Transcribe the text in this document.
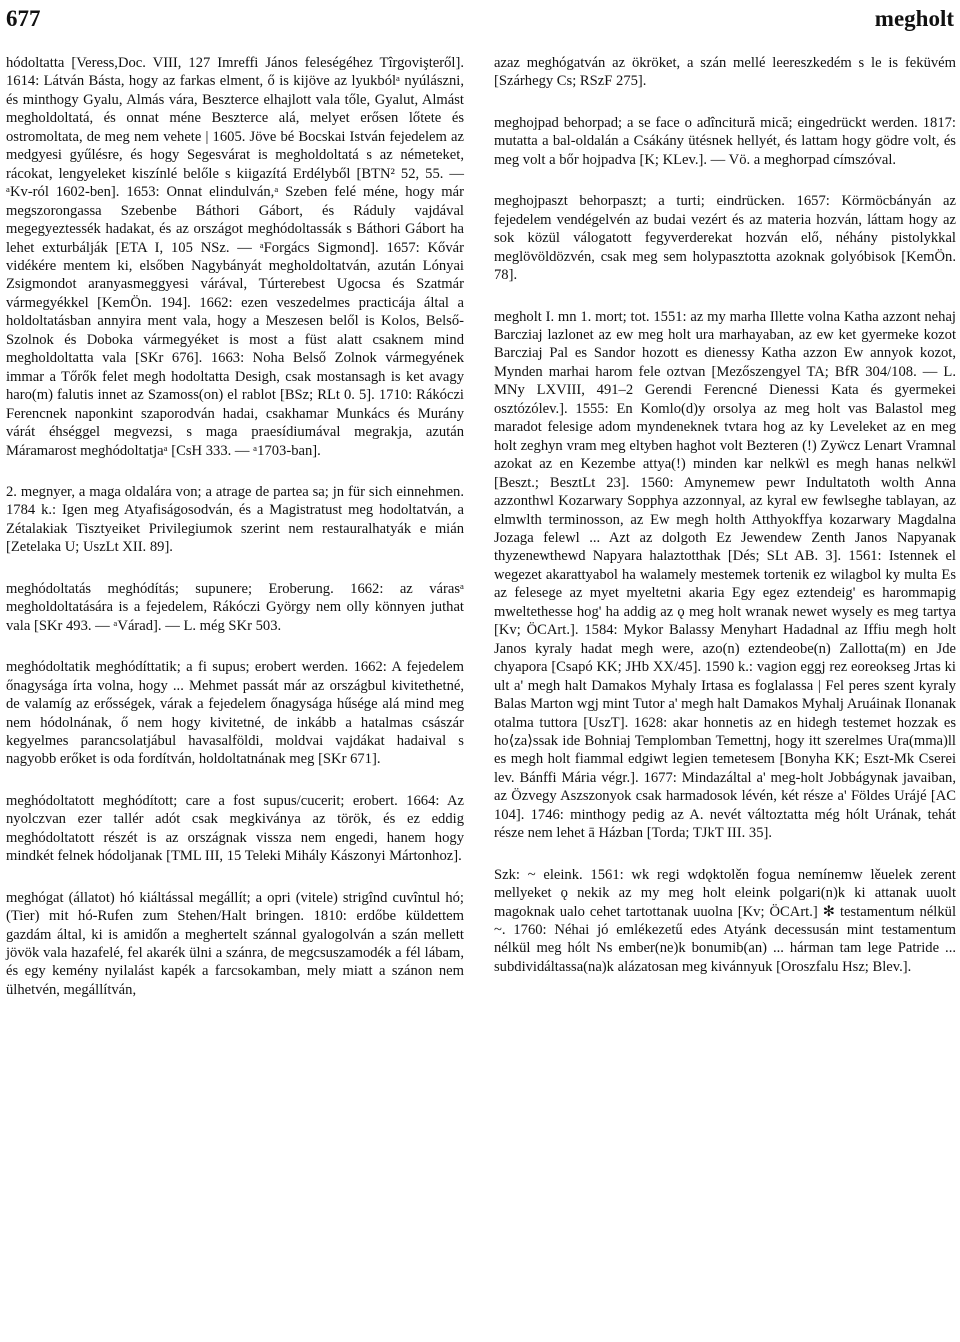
677	megholt

hódoltatta [Veress,Doc. VIII, 127 Imreffi János feleségéhez Tîrgovişteről]. 1614: Látván Básta, hogy az farkas elment, ő is kijöve az lyukbólᵃ nyúlászni, és minthogy Gyalu, Almás vára, Beszterce elhajlott vala tőle, Gyalut, Almást megholdoltatá, és onnat méne Beszterce alá, melyet erősen lőtete és ostromoltata, de meg nem vehete | 1605. Jöve bé Bocskai István fejedelem az medgyesi gyűlésre, és hogy Segesvárat is megholdoltatá s az németeket, rácokat, lengyeleket kiszínlé belőle s kiigazítá Erdélyből [BTN² 52, 55. — ᵃKv-ról 1602-ben]. 1653: Onnat elindulván,ᵃ Szeben felé méne, hogy már megszorongassa Szebenbe Báthori Gábort, és Ráduly vajdával megegyeztessék hadakat, és az országot meghódoltassák s Báthori Gábort ha lehet exturbálják [ETA I, 105 NSz. — ᵃForgács Sigmond]. 1657: Kővár vidékére mentem ki, elsőben Nagybányát megholdoltatván, azután Lónyai Zsigmondot aranyasmeggyesi várával, Túrterebest Ugocsa és Szatmár vármegyékkel [KemÖn. 194]. 1662: ezen veszedelmes practicája által a holdoltatásban annyira ment vala, hogy a Meszesen belől is Kolos, Belső-Szolnok és Doboka vármegyéket is most a füst alatt csaknem mind megholdoltatta vala [SKr 676]. 1663: Noha Belső Zolnok vármegyének immar a Tőrők felet megh hodoltatta Desigh, csak mostansagh is ket avagy haro(m) falutis innet az Szamoss(on) el rablot [BSz; RLt 0. 5]. 1710: Rákóczi Ferencnek naponkint szaporodván hadai, csakhamar Munkács és Murány várát éhséggel megvezsi, s maga praesídiumával megrakja, azután Máramarost meghódoltatjaᵃ [CsH 333. — ᵃ1703-ban].

2. megnyer, a maga oldalára von; a atrage de partea sa; jn für sich einnehmen. 1784 k.: Igen meg Atyafiságosodván, és a Magistratust meg hodoltatván, a Zétalakiak Tisztyeiket Privilegiumok szerint nem restauralhatyák e mián [Zetelaka U; UszLt XII. 89].

meghódoltatás meghódítás; supunere; Eroberung. 1662: az várasᵃ megholdoltatására is a fejedelem, Rákóczi György nem olly könnyen juthat vala [SKr 493. — ᵃVárad]. — L. még SKr 503.

meghódoltatik meghódíttatik; a fi supus; erobert werden. 1662: A fejedelem őnagysága írta volna, hogy ... Mehmet passát már az országbul kivitethetné, de valamíg az erősségek, várak a fejedelem őnagysága hűsége alá mind meg nem hódolnának, ő nem hogy kivitetné, de inkább a hatalmas császár kegyelmes parancsolatjábul havasalföldi, moldvai vajdákat hadaival s nagyobb erőket is oda fordítván, holdoltatnának meg [SKr 671].

meghódoltatott meghódított; care a fost supus/cucerit; erobert. 1664: Az nyolczvan ezer tallér adót csak megkiványa az török, és ez eddig meghódoltatott részét is az országnak vissza nem engedi, hanem hogy mindkét felnek hódoljanak [TML III, 15 Teleki Mihály Kászonyi Mártonhoz].

meghógat (állatot) hó kiáltással megállít; a opri (vitele) strigînd cuvîntul hó; (Tier) mit hó-Rufen zum Stehen/Halt bringen. 1810: erdőbe küldettem gazdám által, ki is amidőn a meghertelt szánnal gyalogolván a szán mellett jövök vala hazafelé, fel akarék ülni a szánra, de megcsuszamodék a fél lábam, és egy kemény nyilalást kapék a farcsokamban, mely miatt a szánon nem ülhetvén, megállítván,

azaz meghógatván az ökröket, a szán mellé leereszkedém s le is feküvém [Szárhegy Cs; RSzF 275].

meghojpad behorpad; a se face o adîncitură mică; eingedrückt werden. 1817: mutatta a bal-oldalán a Csákány ütésnek hellyét, és lattam hogy gödre volt, és meg volt a bőr hojpadva [K; KLev.]. — Vö. a meghorpad címszóval.

meghojpaszt behorpaszt; a turti; eindrücken. 1657: Körmöcbányán az fejedelem vendégelvén az budai vezért és az materia hozván, láttam hogy az sok közül válogatott fegyverderekat hozván elő, néhány pistolykkal meglövöldözvén, csak meg sem holypasztotta azoknak golyóbisok [KemÖn. 78].

megholt I. mn 1. mort; tot. 1551: az my marha Illette volna Katha azzont nehaj Barcziaj lazlonet az ew meg holt ura marhayaban, az ew ket gyermeke kozot Barcziaj Pal es Sandor hozott es dienessy Katha azzon Ew annyok kozot, Mynden marhai harom fele oztvan [Mezőszengyel TA; BfR 304/108. — L. MNy LXVIII, 491–2 Gerendi Ferencné Dienessi Kata és gyermekei osztózólev.]. 1555: En Komlo(d)y orsolya az meg holt vas Balastol meg maradot felesige adom myndeneknek tvtara hog az ky Leveleket az en meg holt zeghyn vram meg eltyben haghot volt Bezteren (!) Zyẅcz Lenart Vramnal azokat az en Kezembe attya(!) minden kar nelkẅl es megh hanas nelkẅl [Beszt.; BesztLt 23]. 1560: Amynemew pewr Indultatoth wolth Anna azzonthwl Kozarwary Sopphya azzonnyal, az kyral ew fewlseghe tablayan, az elmwlth terminosson, az Ew megh holth Atthyokffya kozarwary Magdalna Jozaga felewl ... Azt az dolgoth Ez Jewendew Zenth Janos Napyanak thyzenewthewd Napyara halaztotthak [Dés; SLt AB. 3]. 1561: Istennek el wegezet akarattyabol ha walamely mestemek tortenik ez wilagbol ky multa Es az felesege az myet myeltetni akaria Egy egez eztendeig' es harommapig mweltethesse hog' ha addig az ǫ meg holt wranak newet wysely es meg tartya [Kv; ÖCArt.]. 1584: Mykor Balassy Menyhart Hadadnal az Iffiu megh holt Janos kyraly hadat megh were, azo(n) eztendeobe(n) Zallotta(m) en Jde chyapora [Csapó KK; JHb XX/45]. 1590 k.: vagion eggj rez eoreokseg Jrtas ki ult a' megh halt Damakos Myhaly Irtasa es foglalassa | Fel peres szent kyraly Balas Marton wgj mint Tutor a' megh halt Damakos Myhalj Aruáinak Ilonanak otalma tuttora [UszT]. 1628: akar honnetis az en hidegh testemet hozzak es ho⟨za⟩ssak ide Bohniaj Templomban Temettnj, hogy itt szerelmes Ura(mma)ll es megh holt fiammal edgiwt legien temetesem [Bonyha KK; Eszt-Mk Cserei lev. Bánffi Mária végr.]. 1677: Mindazáltal a' meg-holt Jobbágynak javaiban, az Özvegy Aszszonyok csak harmadosok lévén, két része a' Földes Urájé [AC 104]. 1746: minthogy pedig az A. nevét változtatta még hólt Urának, tehát része nem lehet ā Házban [Torda; TJkT III. 35].

Szk: ~ eleink. 1561: wk regi wdǫktolěn fogua nemínemw lěuelek zerent mellyeket ǫ nekik az my meg holt eleink polgari(n)k ki attanak uuolt magoknak ualo cehet tartottanak uuolna [Kv; ÖCArt.] ✻ testamentum nélkül ~. 1760: Néhai jó emlékezetű edes Atyánk decessusán mint testamentum nélkül meg hólt Ns ember(ne)k bonumib(an) ... hárman tam lege Patride ... subdividáltassa(na)k alázatosan meg kivánnyuk [Oroszfalu Hsz; Blev.].
